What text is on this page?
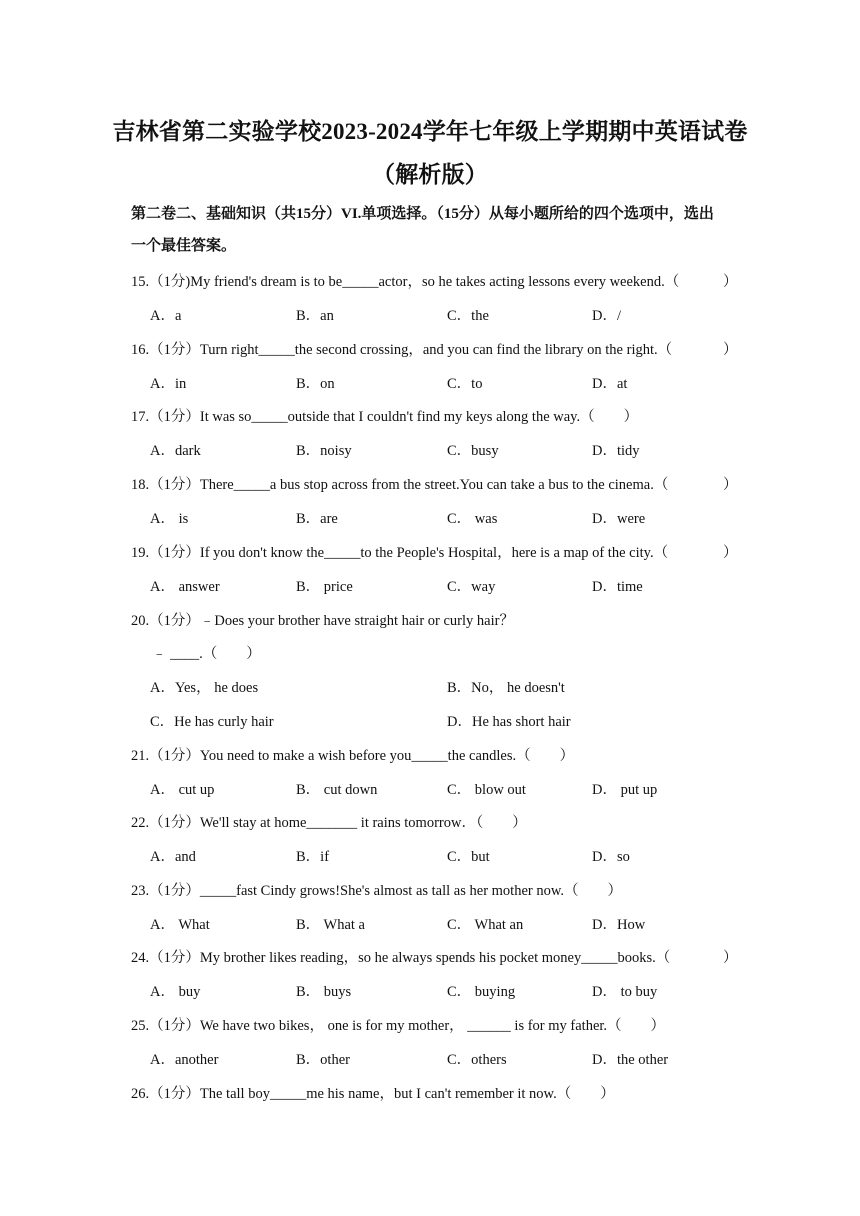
吉林省第二实验学校2023-2024学年七年级上学期期中英语试卷
（解析版）
第二卷二、基础知识（共15分）VI.单项选择。（15分）从每小题所给的四个选项中，选出
一个最佳答案。
15.（1分)My friend's dream is to be_____actor，so he takes acting lessons every weekend.（	）
A．a	B．an	C．the	D．/
16.（1分）Turn right_____the second crossing，and you can find the library on the right.（	）
A．in	B．on	C．to	D．at
17.（1分）It was so_____outside that I couldn't find my keys along the way.（　　）
A．dark	B．noisy	C．busy	D．tidy
18.（1分）There_____a bus stop across from the street.You can take a bus to the cinema.（	）
A． is	B．are	C． was	D．were
19.（1分）If you don't know the_____to the People's Hospital，here is a map of the city.（	）
A． answer	B． price	C．way	D．time
20.（1分）﹣Does your brother have straight hair or curly hair？
﹣ ____.（　　）
A．Yes， he does	B．No， he doesn't
C．He has curly hair	D．He has short hair
21.（1分）You need to make a wish before you_____the candles.（　　）
A． cut up	B． cut down	C． blow out	D． put up
22.（1分）We'll stay at home_______ it rains tomorrow．（　　）
A．and	B．if	C．but	D．so
23.（1分）_____fast Cindy grows!She's almost as tall as her mother now.（　　）
A． What	B． What a	C． What an	D．How
24.（1分）My brother likes reading，so he always spends his pocket money_____books.（	）
A． buy	B． buys	C． buying	D． to buy
25.（1分）We have two bikes， one is for my mother， ______ is for my father.（　　）
A．another	B．other	C．others	D．the other
26.（1分）The tall boy_____me his name，but I can't remember it now.（　　）
